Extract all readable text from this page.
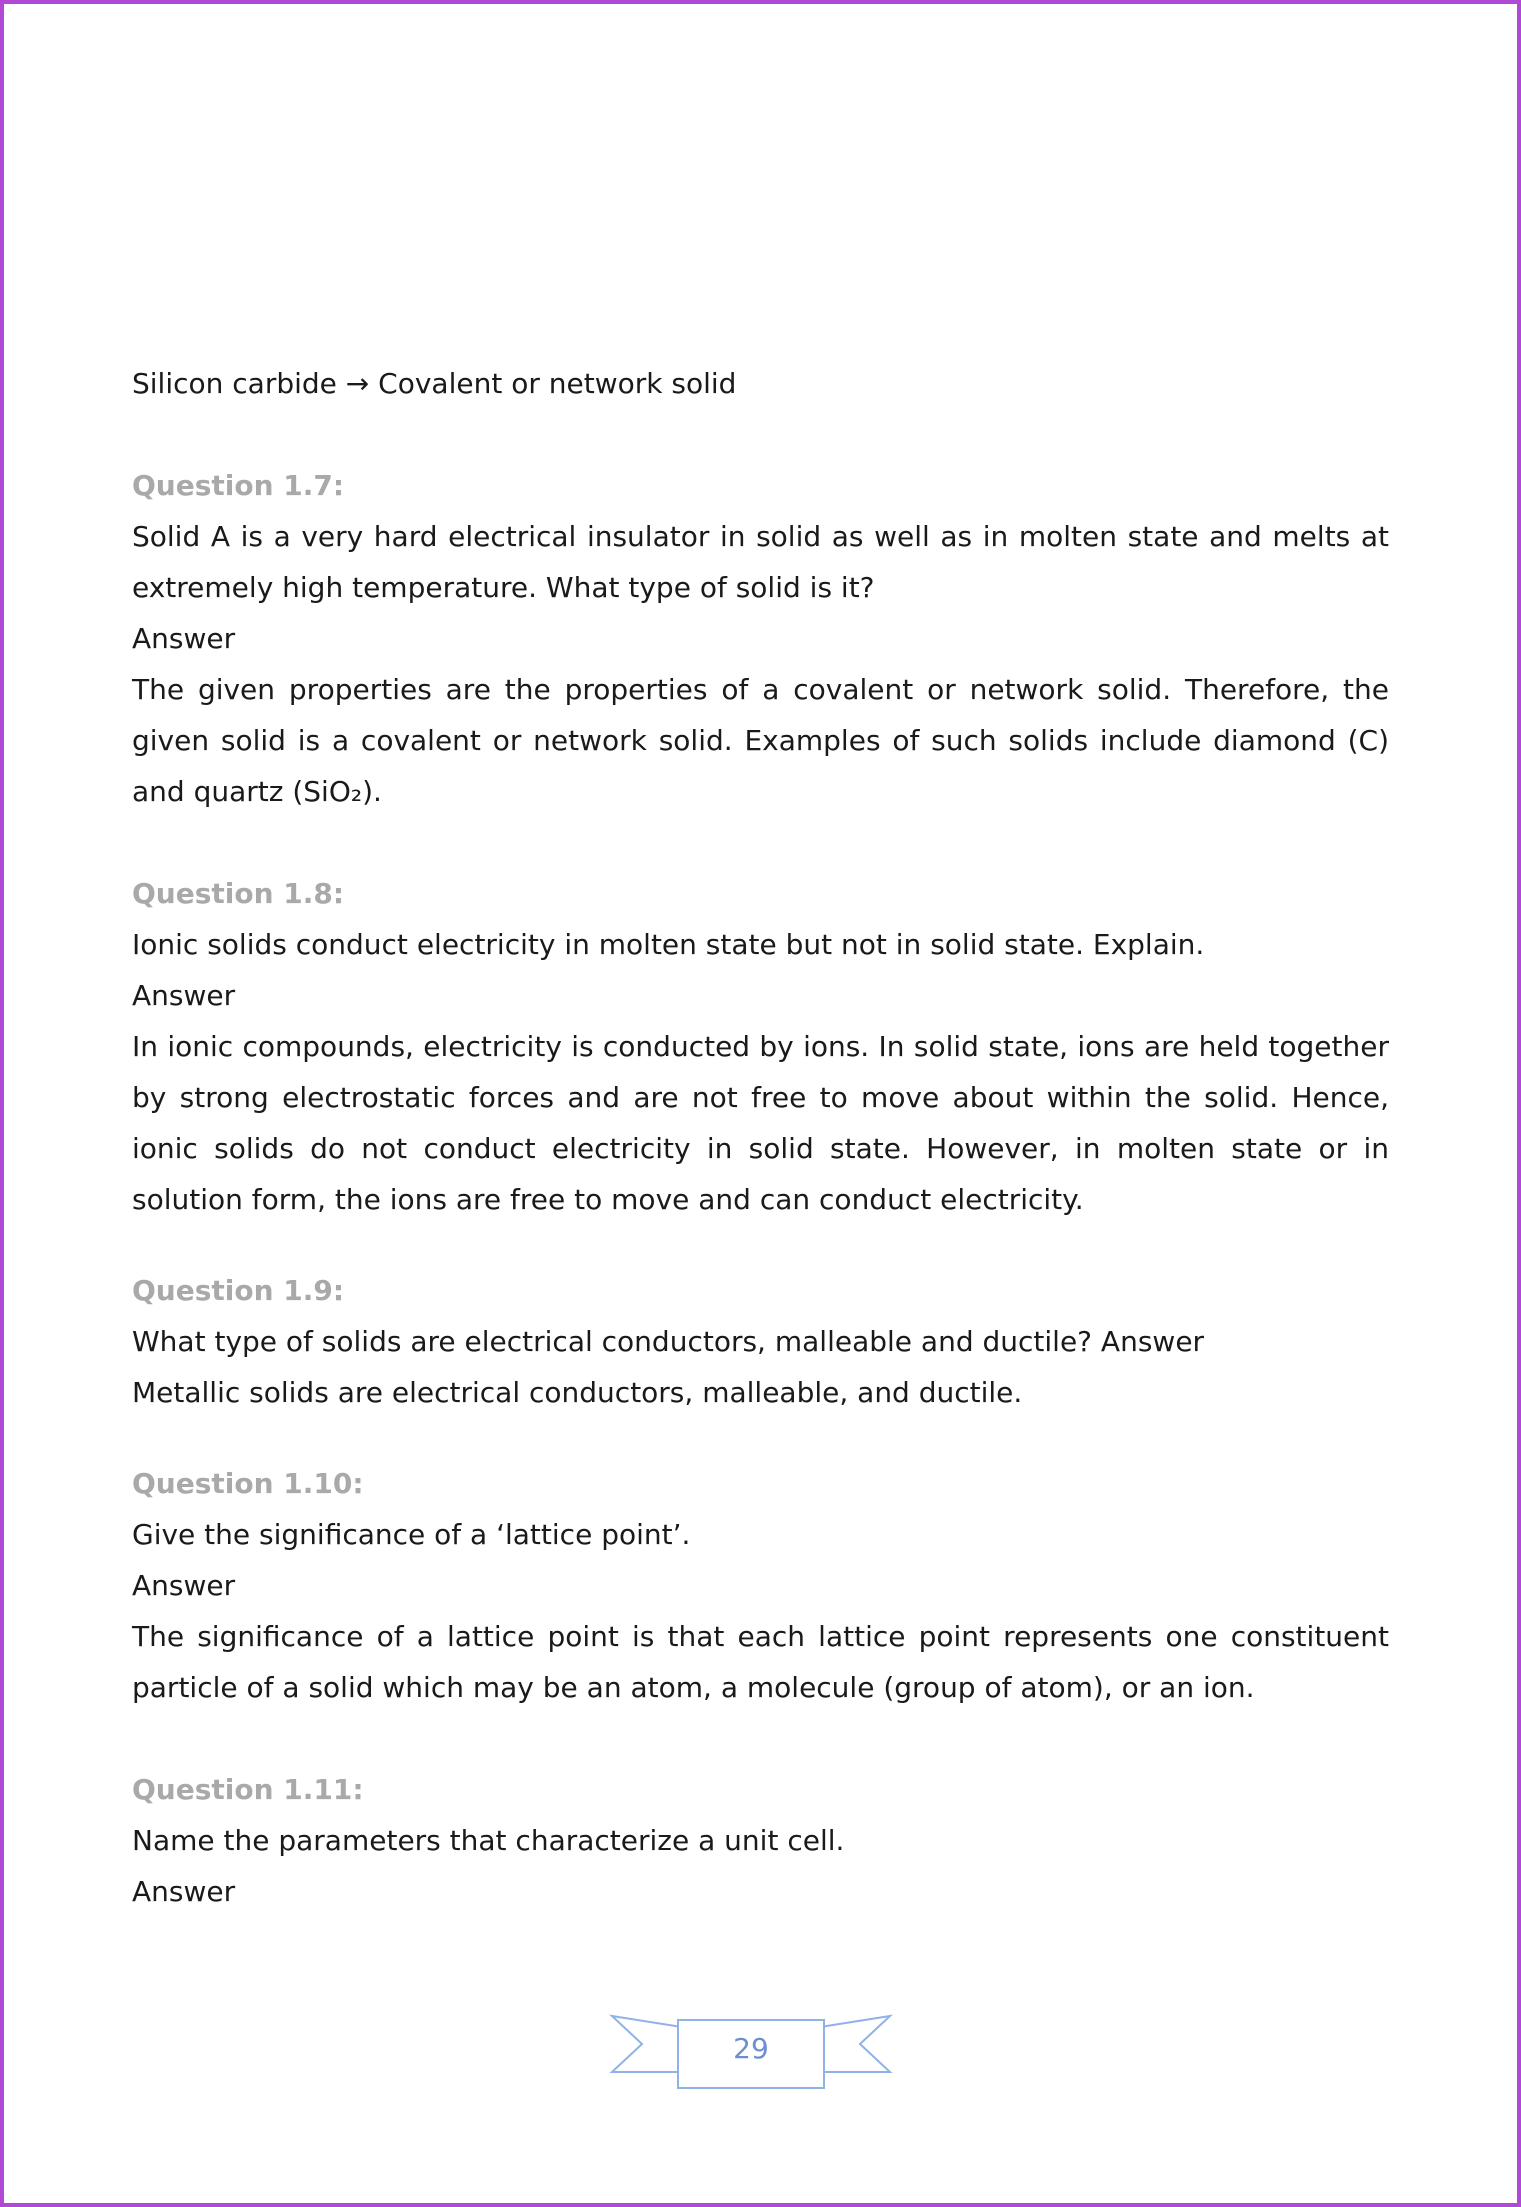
Silicon carbide → Covalent or network solid

Question 1.7:

Solid A is a very hard electrical insulator in solid as well as in molten state and melts at extremely high temperature. What type of solid is it?

Answer

The given properties are the properties of a covalent or network solid. Therefore, the given solid is a covalent or network solid. Examples of such solids include diamond (C) and quartz (SiO₂).

Question 1.8:

Ionic solids conduct electricity in molten state but not in solid state. Explain.

Answer

In ionic compounds, electricity is conducted by ions. In solid state, ions are held together by strong electrostatic forces and are not free to move about within the solid. Hence, ionic solids do not conduct electricity in solid state. However, in molten state or in solution form, the ions are free to move and can conduct electricity.

Question 1.9:

What type of solids are electrical conductors, malleable and ductile? Answer

Metallic solids are electrical conductors, malleable, and ductile.

Question 1.10:

Give the significance of a ‘lattice point’.

Answer

The significance of a lattice point is that each lattice point represents one constituent particle of a solid which may be an atom, a molecule (group of atom), or an ion.

Question 1.11:

Name the parameters that characterize a unit cell.

Answer

29
